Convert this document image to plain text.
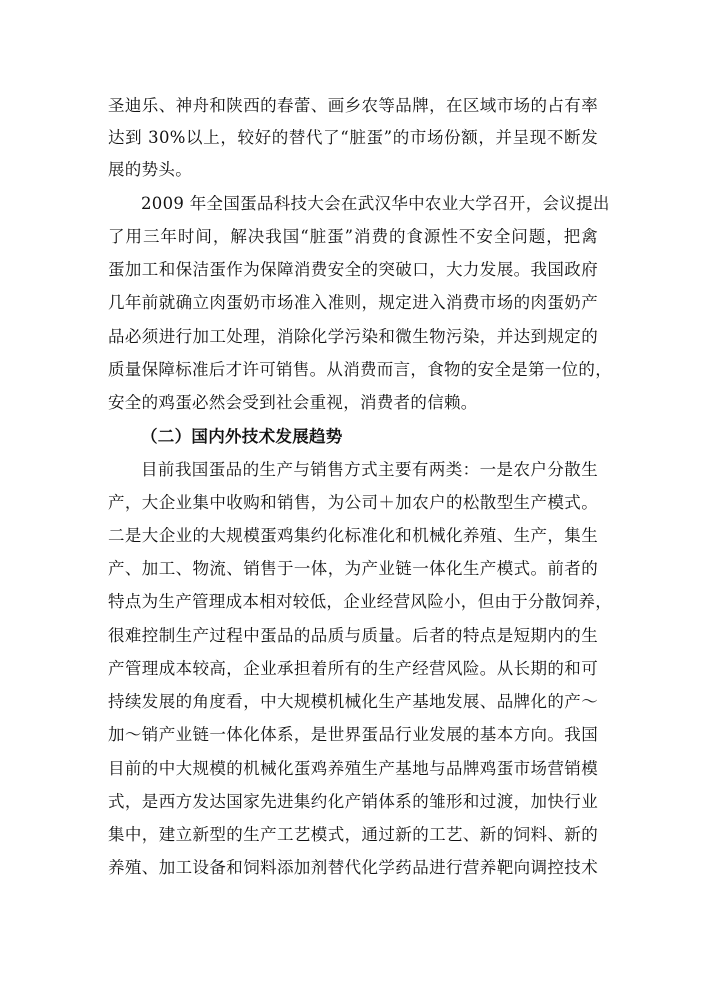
圣迪乐、神舟和陕西的春蕾、画乡农等品牌，在区域市场的占有率
达到 30%以上，较好的替代了“脏蛋”的市场份额，并呈现不断发
展的势头。
2009 年全国蛋品科技大会在武汉华中农业大学召开，会议提出
了用三年时间，解决我国“脏蛋”消费的食源性不安全问题，把禽
蛋加工和保洁蛋作为保障消费安全的突破口，大力发展。我国政府
几年前就确立肉蛋奶市场准入准则，规定进入消费市场的肉蛋奶产
品必须进行加工处理，消除化学污染和微生物污染，并达到规定的
质量保障标准后才许可销售。从消费而言，食物的安全是第一位的，
安全的鸡蛋必然会受到社会重视，消费者的信赖。
（二）国内外技术发展趋势
目前我国蛋品的生产与销售方式主要有两类：一是农户分散生
产，大企业集中收购和销售，为公司＋加农户的松散型生产模式。
二是大企业的大规模蛋鸡集约化标准化和机械化养殖、生产，集生
产、加工、物流、销售于一体，为产业链一体化生产模式。前者的
特点为生产管理成本相对较低，企业经营风险小，但由于分散饲养，
很难控制生产过程中蛋品的品质与质量。后者的特点是短期内的生
产管理成本较高，企业承担着所有的生产经营风险。从长期的和可
持续发展的角度看，中大规模机械化生产基地发展、品牌化的产～
加～销产业链一体化体系，是世界蛋品行业发展的基本方向。我国
目前的中大规模的机械化蛋鸡养殖生产基地与品牌鸡蛋市场营销模
式，是西方发达国家先进集约化产销体系的雏形和过渡，加快行业
集中，建立新型的生产工艺模式，通过新的工艺、新的饲料、新的
养殖、加工设备和饲料添加剂替代化学药品进行营养靶向调控技术
